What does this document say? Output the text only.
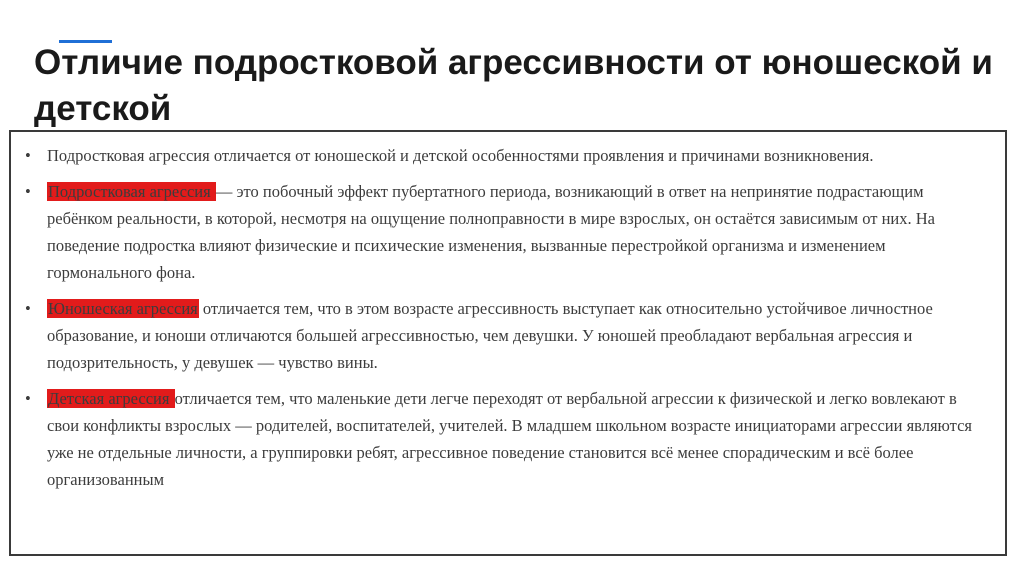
Отличие подростковой агрессивности от юношеской и детской
• Подростковая агрессия отличается от юношеской и детской особенностями проявления и причинами возникновения.
• Подростковая агрессия — это побочный эффект пубертатного периода, возникающий в ответ на непринятие подрастающим ребёнком реальности, в которой, несмотря на ощущение полноправности в мире взрослых, он остаётся зависимым от них. На поведение подростка влияют физические и психические изменения, вызванные перестройкой организма и изменением гормонального фона.
• Юношеская агрессия отличается тем, что в этом возрасте агрессивность выступает как относительно устойчивое личностное образование, и юноши отличаются большей агрессивностью, чем девушки. У юношей преобладают вербальная агрессия и подозрительность, у девушек — чувство вины.
• Детская агрессия отличается тем, что маленькие дети легче переходят от вербальной агрессии к физической и легко вовлекают в свои конфликты взрослых — родителей, воспитателей, учителей. В младшем школьном возрасте инициаторами агрессии являются уже не отдельные личности, а группировки ребят, агрессивное поведение становится всё менее спорадическим и всё более организованным
